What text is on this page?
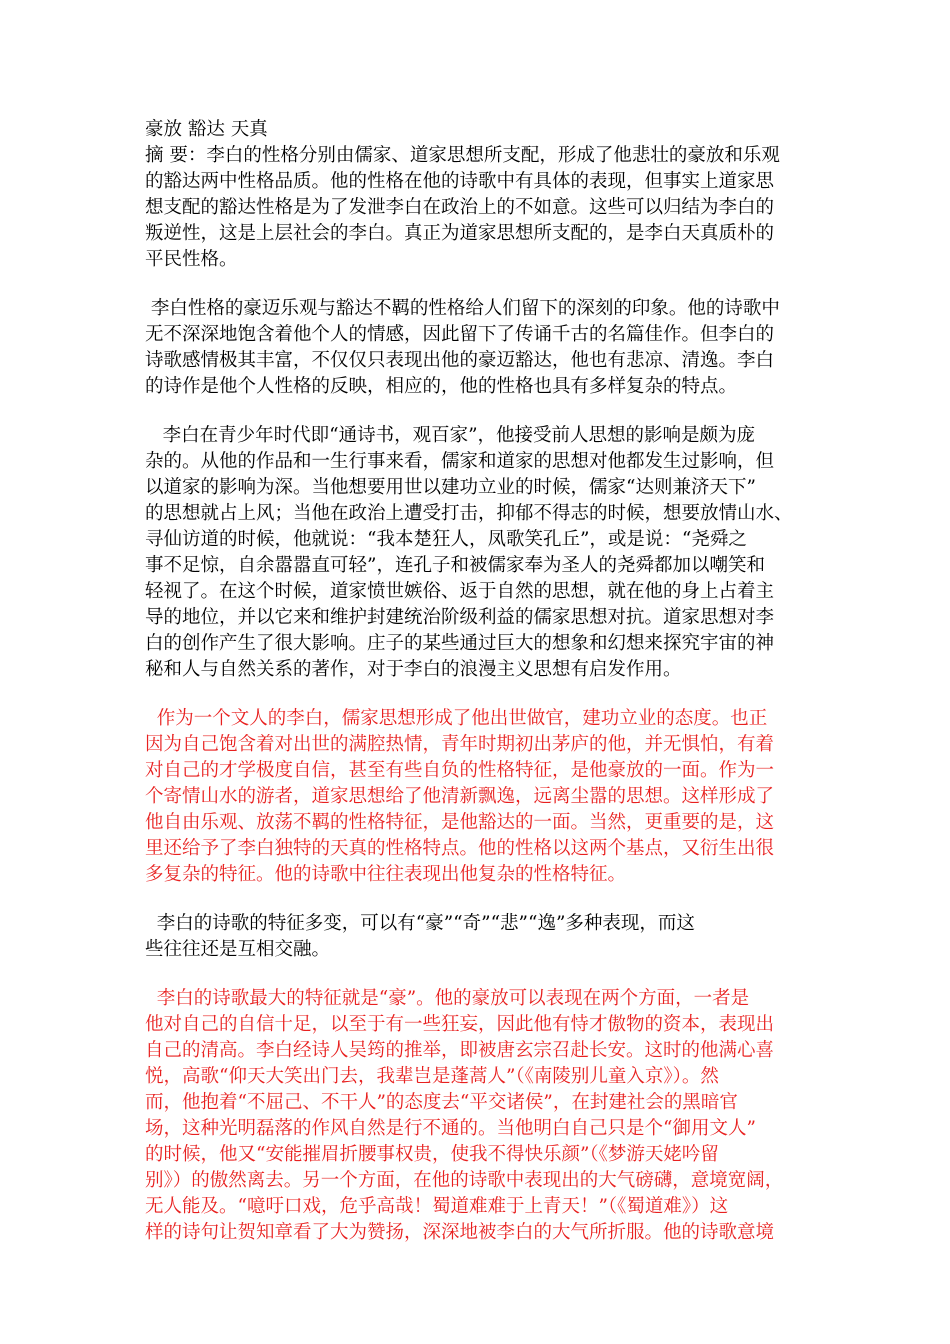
豪放 豁达 天真
摘 要：李白的性格分别由儒家、道家思想所支配，形成了他悲壮的豪放和乐观
的豁达两中性格品质。他的性格在他的诗歌中有具体的表现，但事实上道家思
想支配的豁达性格是为了发泄李白在政治上的不如意。这些可以归结为李白的
叛逆性，这是上层社会的李白。真正为道家思想所支配的，是李白天真质朴的
平民性格。
李白性格的豪迈乐观与豁达不羁的性格给人们留下的深刻的印象。他的诗歌中
无不深深地饱含着他个人的情感，因此留下了传诵千古的名篇佳作。但李白的
诗歌感情极其丰富，不仅仅只表现出他的豪迈豁达，他也有悲凉、清逸。李白
的诗作是他个人性格的反映，相应的，他的性格也具有多样复杂的特点。
李白在青少年时代即“通诗书，观百家”，他接受前人思想的影响是颇为庞
杂的。从他的作品和一生行事来看，儒家和道家的思想对他都发生过影响，但
以道家的影响为深。当他想要用世以建功立业的时候，儒家“达则兼济天下”
的思想就占上风；当他在政治上遭受打击，抑郁不得志的时候，想要放情山水、
寻仙访道的时候，他就说：“我本楚狂人，凤歌笑孔丘”，或是说：“尧舜之
事不足惊，自余嚣嚣直可轻”，连孔子和被儒家奉为圣人的尧舜都加以嘲笑和
轻视了。在这个时候，道家愤世嫉俗、返于自然的思想，就在他的身上占着主
导的地位，并以它来和维护封建统治阶级利益的儒家思想对抗。道家思想对李
白的创作产生了很大影响。庄子的某些通过巨大的想象和幻想来探究宇宙的神
秘和人与自然关系的著作，对于李白的浪漫主义思想有启发作用。
作为一个文人的李白，儒家思想形成了他出世做官，建功立业的态度。也正
因为自己饱含着对出世的满腔热情，青年时期初出茅庐的他，并无惧怕，有着
对自己的才学极度自信，甚至有些自负的性格特征，是他豪放的一面。作为一
个寄情山水的游者，道家思想给了他清新飘逸，远离尘嚣的思想。这样形成了
他自由乐观、放荡不羁的性格特征，是他豁达的一面。当然，更重要的是，这
里还给予了李白独特的天真的性格特点。他的性格以这两个基点，又衍生出很
多复杂的特征。他的诗歌中往往表现出他复杂的性格特征。
李白的诗歌的特征多变，可以有“豪”“奇”“悲”“逸”多种表现，而这
些往往还是互相交融。
李白的诗歌最大的特征就是“豪”。他的豪放可以表现在两个方面，一者是
他对自己的自信十足，以至于有一些狂妄，因此他有恃才傲物的资本，表现出
自己的清高。李白经诗人吴筠的推举，即被唐玄宗召赴长安。这时的他满心喜
悦，高歌“仰天大笑出门去，我辈岂是蓬蒿人”（《南陵别儿童入京》）。然
而，他抱着“不屈己、不干人”的态度去“平交诸侯”，在封建社会的黑暗官
场，这种光明磊落的作风自然是行不通的。当他明白自己只是个“御用文人”
的时候，他又“安能摧眉折腰事权贵，使我不得快乐颜”（《梦游天姥吟留
别》）的傲然离去。另一个方面，在他的诗歌中表现出的大气磅礴，意境宽阔，
无人能及。“噫吁口戏，危乎高哉！蜀道难难于上青天！”（《蜀道难》）这
样的诗句让贺知章看了大为赞扬，深深地被李白的大气所折服。他的诗歌意境
